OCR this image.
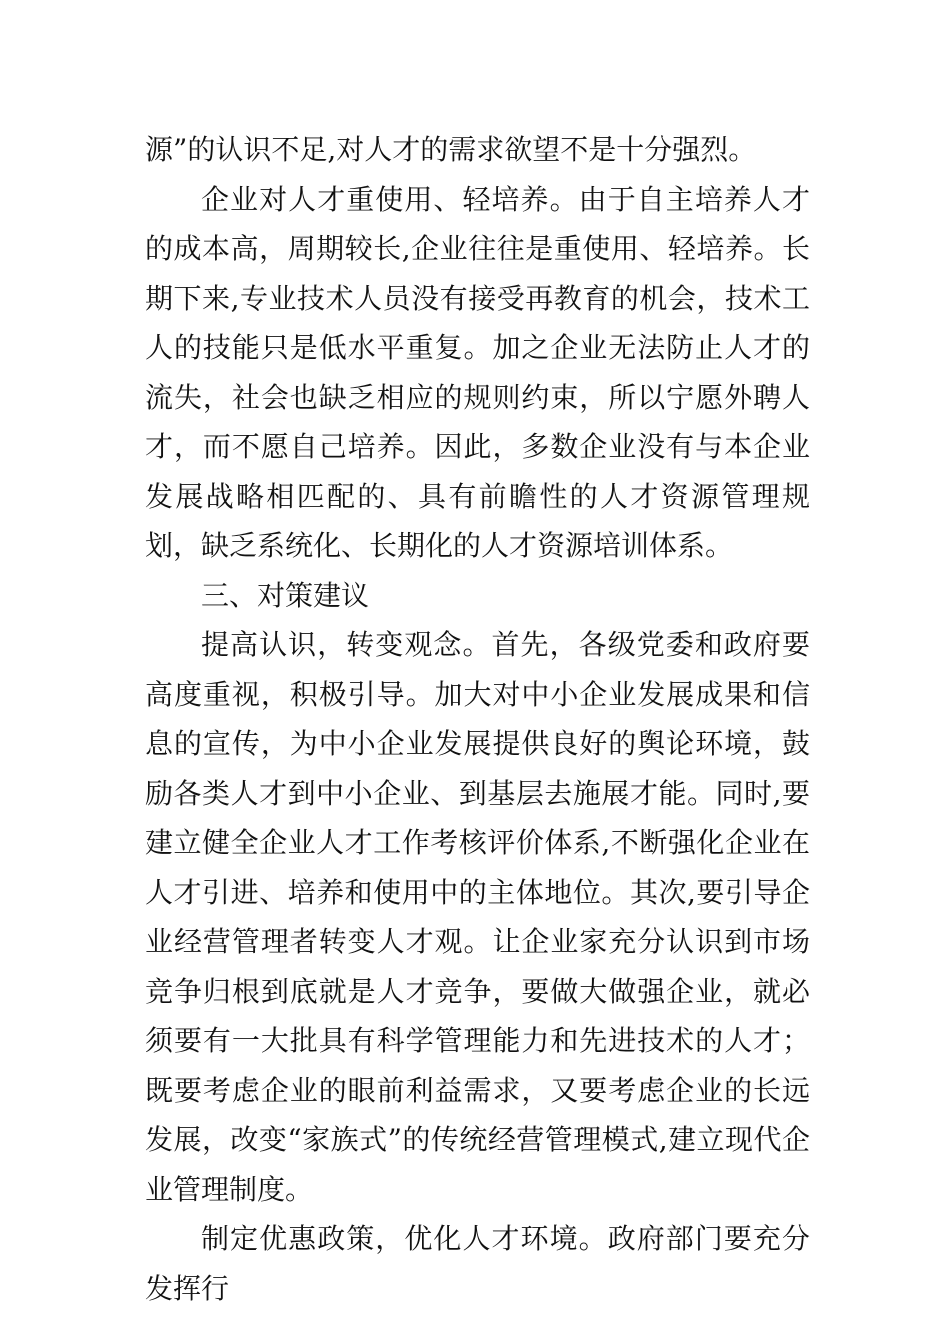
源”的认识不足,对人才的需求欲望不是十分强烈。

企业对人才重使用、轻培养。由于自主培养人才的成本高，周期较长,企业往往是重使用、轻培养。长期下来,专业技术人员没有接受再教育的机会，技术工人的技能只是低水平重复。加之企业无法防止人才的流失，社会也缺乏相应的规则约束，所以宁愿外聘人才，而不愿自己培养。因此，多数企业没有与本企业发展战略相匹配的、具有前瞻性的人才资源管理规划，缺乏系统化、长期化的人才资源培训体系。

三、对策建议

提高认识，转变观念。首先，各级党委和政府要高度重视，积极引导。加大对中小企业发展成果和信息的宣传，为中小企业发展提供良好的舆论环境，鼓励各类人才到中小企业、到基层去施展才能。同时,要建立健全企业人才工作考核评价体系,不断强化企业在人才引进、培养和使用中的主体地位。其次,要引导企业经营管理者转变人才观。让企业家充分认识到市场竞争归根到底就是人才竞争，要做大做强企业，就必须要有一大批具有科学管理能力和先进技术的人才；既要考虑企业的眼前利益需求，又要考虑企业的长远发展，改变“家族式”的传统经营管理模式,建立现代企业管理制度。

制定优惠政策，优化人才环境。政府部门要充分发挥行
